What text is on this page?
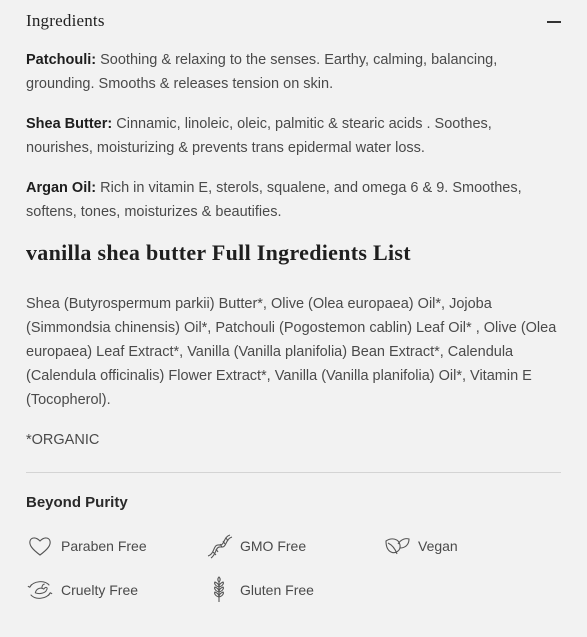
Ingredients

Patchouli: Soothing & relaxing to the senses. Earthy, calming, balancing, grounding. Smooths & releases tension on skin.

Shea Butter: Cinnamic, linoleic, oleic, palmitic & stearic acids . Soothes, nourishes, moisturizing & prevents trans epidermal water loss.

Argan Oil: Rich in vitamin E, sterols, squalene, and omega 6 & 9. Smoothes, softens, tones, moisturizes & beautifies.

vanilla shea butter Full Ingredients List

Shea (Butyrospermum parkii) Butter*, Olive (Olea europaea) Oil*, Jojoba (Simmondsia chinensis) Oil*, Patchouli (Pogostemon cablin) Leaf Oil* , Olive (Olea europaea) Leaf Extract*, Vanilla (Vanilla planifolia) Bean Extract*, Calendula (Calendula officinalis) Flower Extract*, Vanilla (Vanilla planifolia) Oil*, Vitamin E (Tocopherol).

*ORGANIC

Beyond Purity
Paraben Free	GMO Free	Vegan
Cruelty Free	Gluten Free
